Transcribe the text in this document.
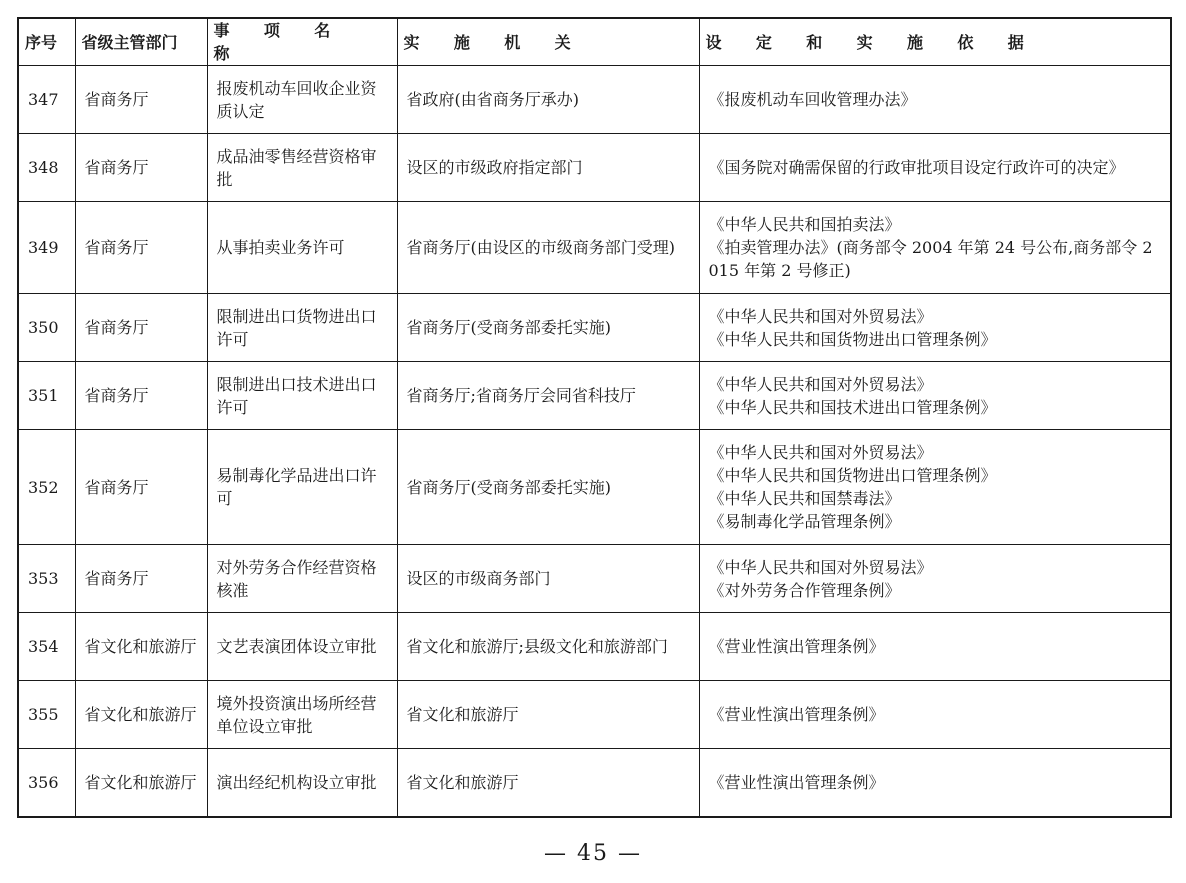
序号	省级主管部门	事 项 名 称	实 施 机 关	设 定 和 实 施 依 据
347	省商务厅	报废机动车回收企业资质认定	省政府(由省商务厅承办)	《报废机动车回收管理办法》

348	省商务厅	成品油零售经营资格审批	设区的市级政府指定部门	《国务院对确需保留的行政审批项目设定行政许可的决定》

349	省商务厅	从事拍卖业务许可	省商务厅(由设区的市级商务部门受理)	《中华人民共和国拍卖法》
《拍卖管理办法》(商务部令 2004 年第 24 号公布,商务部令 2015 年第 2 号修正)

350	省商务厅	限制进出口货物进出口许可	省商务厅(受商务部委托实施)	《中华人民共和国对外贸易法》
《中华人民共和国货物进出口管理条例》

351	省商务厅	限制进出口技术进出口许可	省商务厅;省商务厅会同省科技厅	《中华人民共和国对外贸易法》
《中华人民共和国技术进出口管理条例》

352	省商务厅	易制毒化学品进出口许可	省商务厅(受商务部委托实施)	《中华人民共和国对外贸易法》
《中华人民共和国货物进出口管理条例》
《中华人民共和国禁毒法》
《易制毒化学品管理条例》

353	省商务厅	对外劳务合作经营资格核准	设区的市级商务部门	《中华人民共和国对外贸易法》
《对外劳务合作管理条例》

354	省文化和旅游厅	文艺表演团体设立审批	省文化和旅游厅;县级文化和旅游部门	《营业性演出管理条例》

355	省文化和旅游厅	境外投资演出场所经营单位设立审批	省文化和旅游厅	《营业性演出管理条例》

356	省文化和旅游厅	演出经纪机构设立审批	省文化和旅游厅	《营业性演出管理条例》
— 45 —
